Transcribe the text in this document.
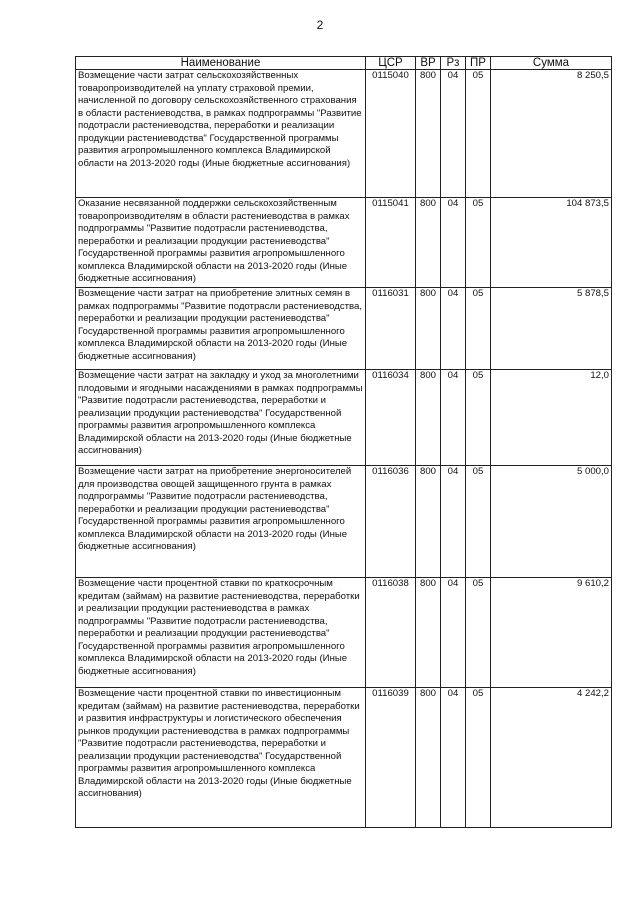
2
Наименование	ЦСР	ВР	Рз	ПР	Сумма
Возмещение части затрат сельскохозяйственных товаропроизводителей на уплату страховой премии, начисленной по договору сельскохозяйственного страхования в области растениеводства, в рамках подпрограммы "Развитие подотрасли растениеводства, переработки и реализации продукции растениеводства" Государственной программы развития агропромышленного комплекса Владимирской области на 2013-2020 годы (Иные бюджетные ассигнования)	0115040	800	04	05	8 250,5
Оказание несвязанной поддержки сельскохозяйственным товаропроизводителям в области растениеводства в рамках подпрограммы "Развитие подотрасли растениеводства, переработки и реализации продукции растениеводства" Государственной программы развития агропромышленного комплекса Владимирской области на 2013-2020 годы (Иные бюджетные ассигнования)	0115041	800	04	05	104 873,5
Возмещение части затрат на приобретение элитных семян в рамках подпрограммы "Развитие подотрасли растениеводства, переработки и реализации продукции растениеводства" Государственной программы развития агропромышленного комплекса Владимирской области на 2013-2020 годы (Иные бюджетные ассигнования)	0116031	800	04	05	5 878,5
Возмещение части затрат на закладку и уход за многолетними плодовыми и ягодными насаждениями в рамках подпрограммы "Развитие подотрасли растениеводства, переработки и реализации продукции растениеводства" Государственной программы развития агропромышленного комплекса Владимирской области на 2013-2020 годы (Иные бюджетные ассигнования)	0116034	800	04	05	12,0
Возмещение части затрат на приобретение энергоносителей для производства овощей защищенного грунта в рамках подпрограммы "Развитие подотрасли растениеводства, переработки и реализации продукции растениеводства" Государственной программы развития агропромышленного комплекса Владимирской области на 2013-2020 годы (Иные бюджетные ассигнования)	0116036	800	04	05	5 000,0
Возмещение части процентной ставки по краткосрочным кредитам (займам) на развитие растениеводства, переработки и реализации продукции растениеводства в рамках подпрограммы "Развитие подотрасли растениеводства, переработки и реализации продукции растениеводства" Государственной программы развития агропромышленного комплекса Владимирской области на 2013-2020 годы (Иные бюджетные ассигнования)	0116038	800	04	05	9 610,2
Возмещение части процентной ставки по инвестиционным кредитам (займам) на развитие растениеводства, переработки и развития инфраструктуры и логистического обеспечения рынков продукции растениеводства в рамках подпрограммы "Развитие подотрасли растениеводства, переработки и реализации продукции растениеводства" Государственной программы развития агропромышленного комплекса Владимирской области на 2013-2020 годы (Иные бюджетные ассигнования)	0116039	800	04	05	4 242,2
